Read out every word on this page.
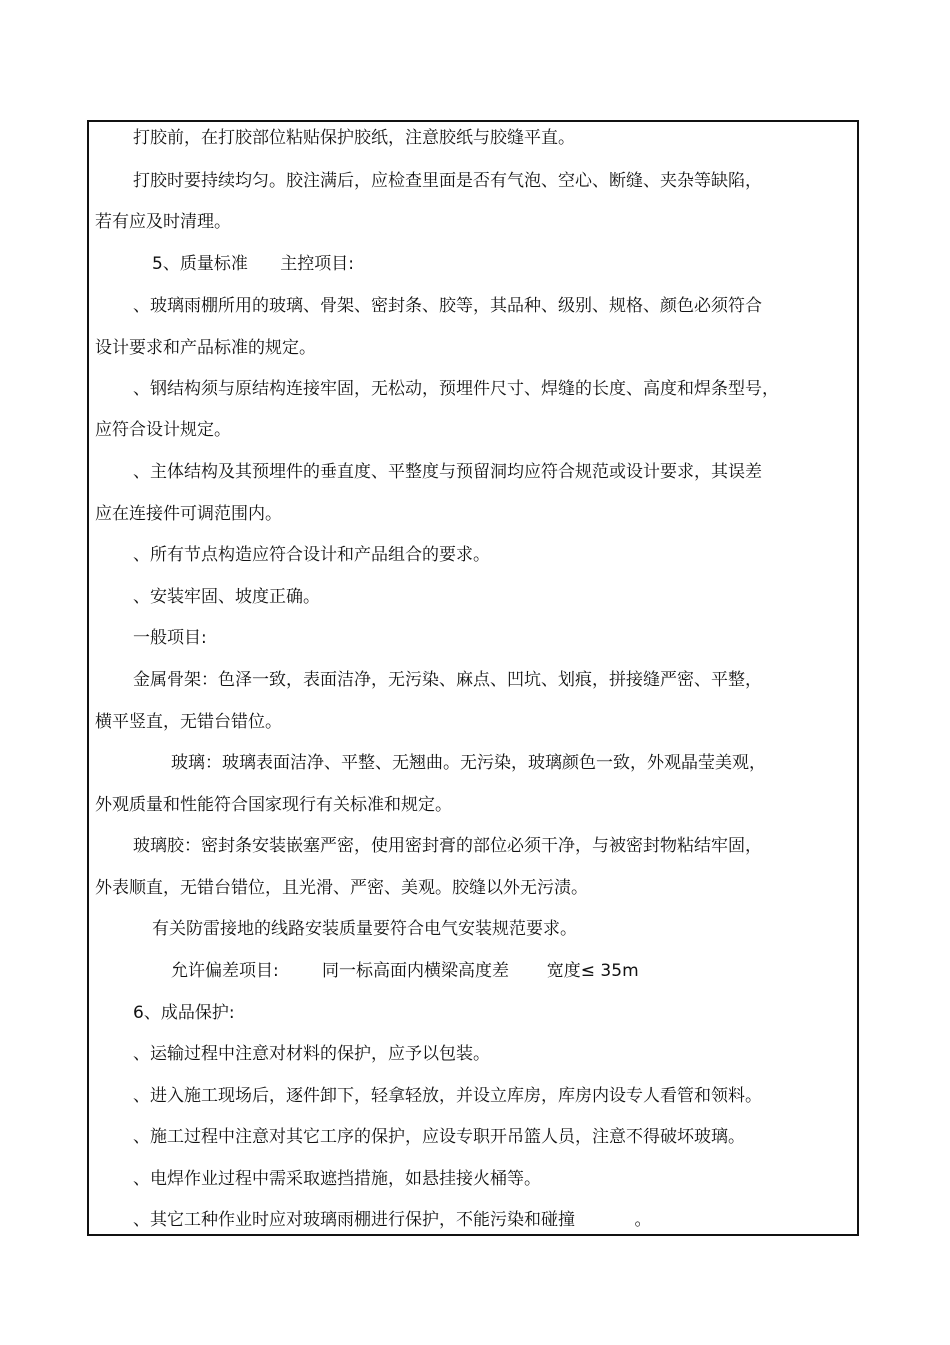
打胶前，在打胶部位粘贴保护胶纸，注意胶纸与胶缝平直。
打胶时要持续均匀。胶注满后，应检查里面是否有气泡、空心、断缝、夹杂等缺陷，
若有应及时清理。
5、质量标准      主控项目:
、玻璃雨棚所用的玻璃、骨架、密封条、胶等，其品种、级别、规格、颜色必须符合
设计要求和产品标准的规定。
、钢结构须与原结构连接牢固，无松动，预埋件尺寸、焊缝的长度、高度和焊条型号，
应符合设计规定。
、主体结构及其预埋件的垂直度、平整度与预留洞均应符合规范或设计要求，其误差
应在连接件可调范围内。
、所有节点构造应符合设计和产品组合的要求。
、安装牢固、坡度正确。
一般项目:
金属骨架：色泽一致，表面洁净，无污染、麻点、凹坑、划痕，拼接缝严密、平整，
横平竖直，无错台错位。
玻璃：玻璃表面洁净、平整、无翘曲。无污染，玻璃颜色一致，外观晶莹美观，
外观质量和性能符合国家现行有关标准和规定。
玻璃胶：密封条安装嵌塞严密，使用密封膏的部位必须干净，与被密封物粘结牢固，
外表顺直，无错台错位，且光滑、严密、美观。胶缝以外无污渍。
有关防雷接地的线路安装质量要符合电气安装规范要求。
允许偏差项目:        同一标高面内横梁高度差       宽度≤ 35m
6、成品保护:
、运输过程中注意对材料的保护，应予以包装。
、进入施工现场后，逐件卸下，轻拿轻放，并设立库房，库房内设专人看管和领料。
、施工过程中注意对其它工序的保护，应设专职开吊篮人员，注意不得破坏玻璃。
、电焊作业过程中需采取遮挡措施，如悬挂接火桶等。
、其它工种作业时应对玻璃雨棚进行保护，不能污染和碰撞           。
